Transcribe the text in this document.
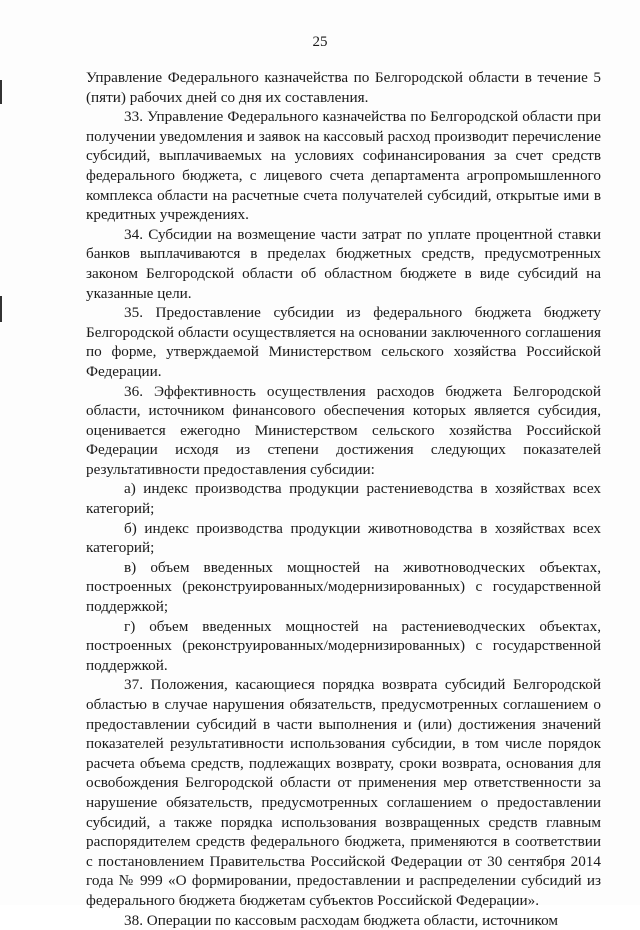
25

Управление Федерального казначейства по Белгородской области в течение 5 (пяти) рабочих дней со дня их составления.

33. Управление Федерального казначейства по Белгородской области при получении уведомления и заявок на кассовый расход производит перечисление субсидий, выплачиваемых на условиях софинансирования за счет средств федерального бюджета, с лицевого счета департамента агропромышленного комплекса области на расчетные счета получателей субсидий, открытые ими в кредитных учреждениях.

34. Субсидии на возмещение части затрат по уплате процентной ставки банков выплачиваются в пределах бюджетных средств, предусмотренных законом Белгородской области об областном бюджете в виде субсидий на указанные цели.

35. Предоставление субсидии из федерального бюджета бюджету Белгородской области осуществляется на основании заключенного соглашения по форме, утверждаемой Министерством сельского хозяйства Российской Федерации.

36. Эффективность осуществления расходов бюджета Белгородской области, источником финансового обеспечения которых является субсидия, оценивается ежегодно Министерством сельского хозяйства Российской Федерации исходя из степени достижения следующих показателей результативности предоставления субсидии:

а) индекс производства продукции растениеводства в хозяйствах всех категорий;

б) индекс производства продукции животноводства в хозяйствах всех категорий;

в) объем введенных мощностей на животноводческих объектах, построенных (реконструированных/модернизированных) с государственной поддержкой;

г) объем введенных мощностей на растениеводческих объектах, построенных (реконструированных/модернизированных) с государственной поддержкой.

37. Положения, касающиеся порядка возврата субсидий Белгородской областью в случае нарушения обязательств, предусмотренных соглашением о предоставлении субсидий в части выполнения и (или) достижения значений показателей результативности использования субсидии, в том числе порядок расчета объема средств, подлежащих возврату, сроки возврата, основания для освобождения Белгородской области от применения мер ответственности за нарушение обязательств, предусмотренных соглашением о предоставлении субсидий, а также порядка использования возвращенных средств главным распорядителем средств федерального бюджета, применяются в соответствии с постановлением Правительства Российской Федерации от 30 сентября 2014 года № 999 «О формировании, предоставлении и распределении субсидий из федерального бюджета бюджетам субъектов Российской Федерации».

38. Операции по кассовым расходам бюджета области, источником
